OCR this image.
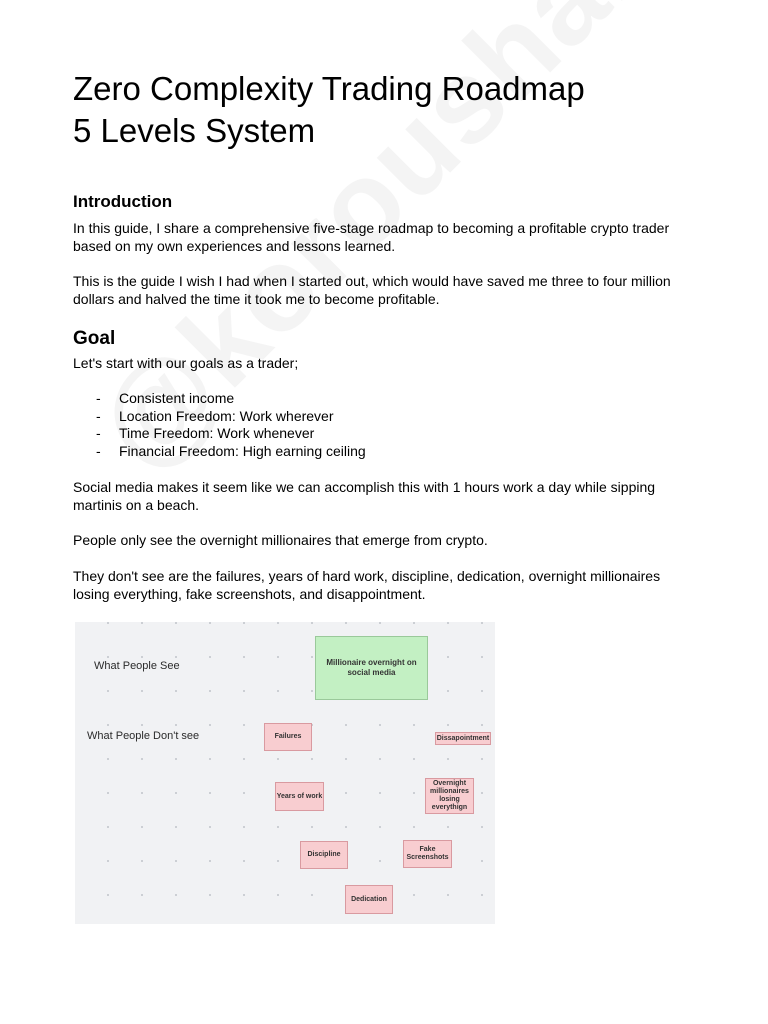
Zero Complexity Trading Roadmap
5 Levels System
Introduction
In this guide, I share a comprehensive five-stage roadmap to becoming a profitable crypto trader based on my own experiences and lessons learned.
This is the guide I wish I had when I started out, which would have saved me three to four million dollars and halved the time it took me to become profitable.
Goal
Let's start with our goals as a trader;
- Consistent income
- Location Freedom: Work wherever
- Time Freedom: Work whenever
- Financial Freedom: High earning ceiling
Social media makes it seem like we can accomplish this with 1 hours work a day while sipping martinis on a beach.
People only see the overnight millionaires that emerge from crypto.
They don't see are the failures, years of hard work, discipline, dedication, overnight millionaires losing everything, fake screenshots, and disappointment.
What People See
What People Don't see
Millionaire overnight on social media
Failures	Dissapointment
Years of work
Overnight millionaires losing everythign
Discipline
Fake Screenshots
Dedication
